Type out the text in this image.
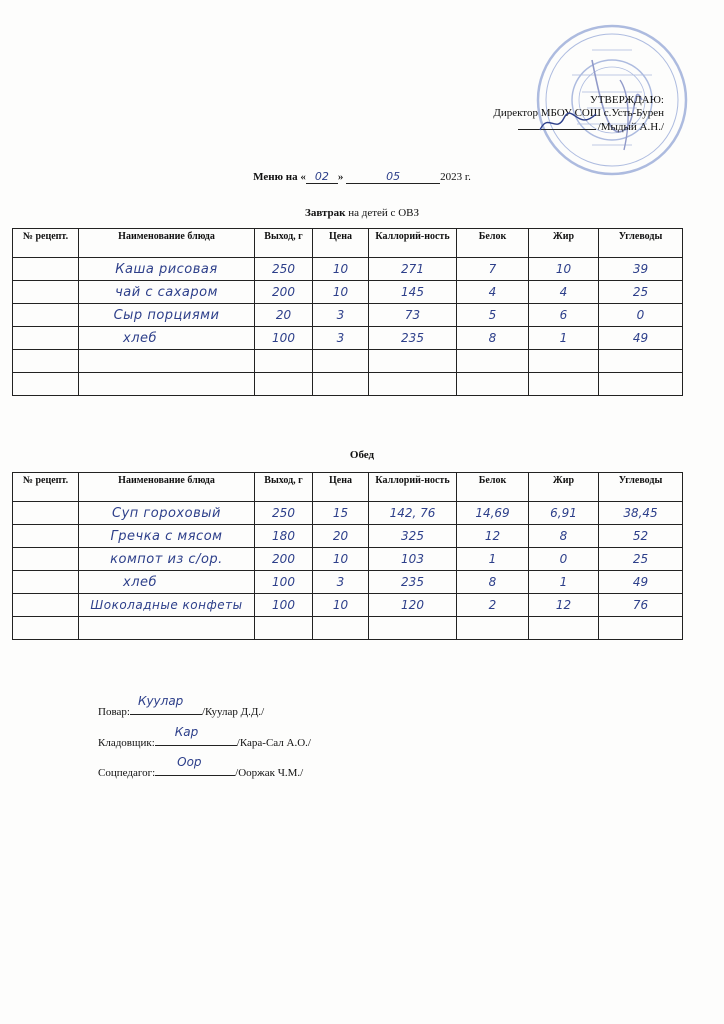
УТВЕРЖДАЮ:
Директор МБОУ СОШ с.Усть-Бурен
/Мыдый А.Н./
Меню на « 02 »	05	2023 г.
Завтрак на детей с ОВЗ
№ рецепт.	Наименование блюда	Выход, г	Цена	Каллорий-ность	Белок	Жир	Углеводы
	Каша рисовая	250	10	271	7	10	39
	чай с сахаром	200	10	145	4	4	25
	Сыр порциями	20	3	73	5	6	0
	хлеб	100	3	235	8	1	49

Обед
№ рецепт.	Наименование блюда	Выход, г	Цена	Каллорий-ность	Белок	Жир	Углеводы
	Суп гороховый	250	15	142, 76	14,69	6,91	38,45
	Гречка с мясом	180	20	325	12	8	52
	компот из с/ор.	200	10	103	1	0	25
	хлеб	100	3	235	8	1	49
	Шоколадные конфеты	100	10	120	2	12	76

Повар:
Куулар
/Куулар Д.Д./
Кладовщик:
Кар
/Кара-Сал А.О./
Соцпедагог:
Оор
/Ооржак Ч.М./
